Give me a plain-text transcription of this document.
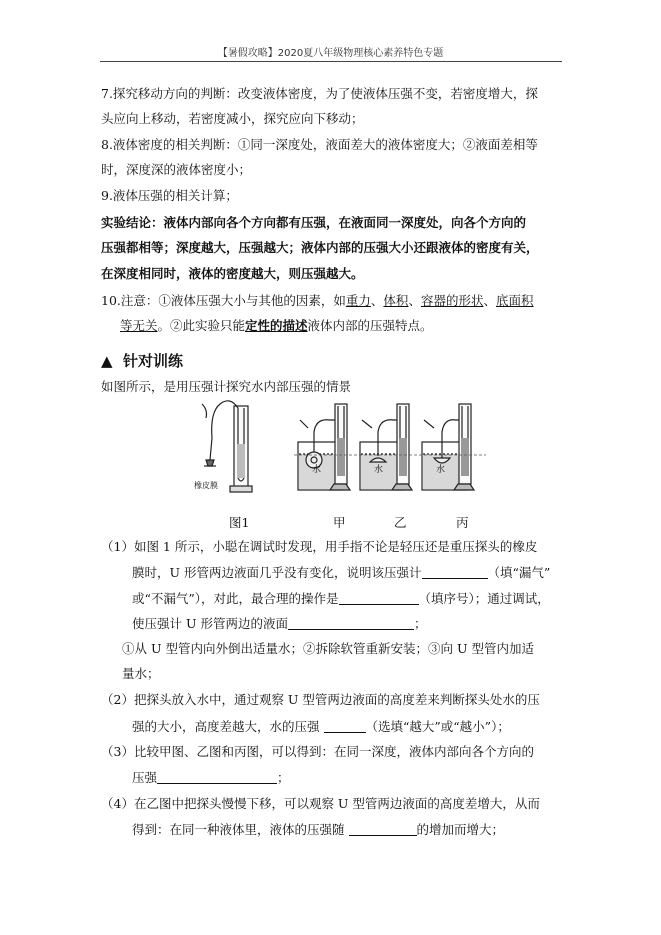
【暑假攻略】2020夏八年级物理核心素养特色专题
7.探究移动方向的判断：改变液体密度，为了使液体压强不变，若密度增大，探
头应向上移动，若密度减小，探究应向下移动；
8.液体密度的相关判断：①同一深度处，液面差大的液体密度大；②液面差相等
时，深度深的液体密度小；
9.液体压强的相关计算；
实验结论：液体内部向各个方向都有压强，在液面同一深度处，向各个方向的
压强都相等；深度越大，压强越大；液体内部的压强大小还跟液体的密度有关，
在深度相同时，液体的密度越大，则压强越大。
10.注意：①液体压强大小与其他的因素，如重力、体积、容器的形状、底面积
等无关。②此实验只能定性的描述液体内部的压强特点。
▲ 针对训练
如图所示，是用压强计探究水内部压强的情景
橡皮膜
水	水	水
图1	甲	乙	丙
（1）如图 1 所示，小聪在调试时发现，用手指不论是轻压还是重压探头的橡皮
膜时，U 形管两边液面几乎没有变化，说明该压强计	（填“漏气”
或“不漏气”），对此，最合理的操作是	（填序号）；通过调试，
使压强计 U 形管两边的液面	；
①从 U 型管内向外倒出适量水；②拆除软管重新安装；③向 U 型管内加适
量水；
（2）把探头放入水中，通过观察 U 型管两边液面的高度差来判断探头处水的压
强的大小，高度差越大，水的压强	（选填“越大”或“越小”）；
（3）比较甲图、乙图和丙图，可以得到：在同一深度，液体内部向各个方向的
压强	；
（4）在乙图中把探头慢慢下移，可以观察 U 型管两边液面的高度差增大，从而
得到：在同一种液体里，液体的压强随	的增加而增大；
